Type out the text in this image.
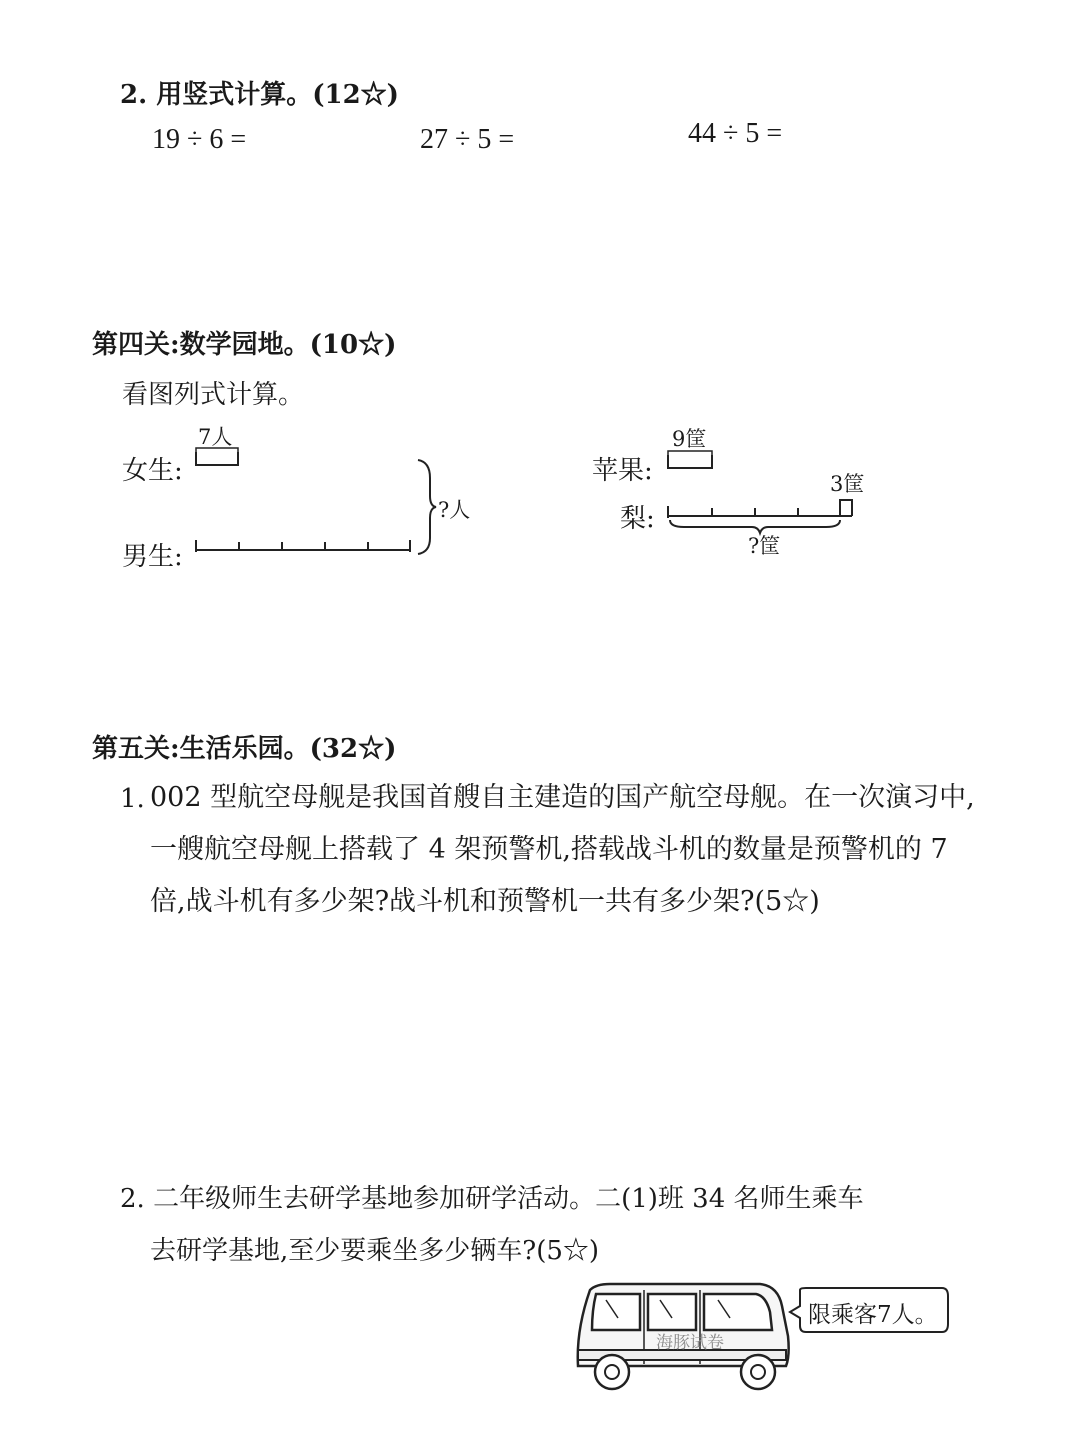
2. 用竖式计算。(12☆)
19 ÷ 6 =	27 ÷ 5 =	44 ÷ 5 =
第四关:数学园地。(10☆)
看图列式计算。
女生:
7人
男生:
?人
苹果:
9筐
梨:
3筐
?筐
第五关:生活乐园。(32☆)
1. 002 型航空母舰是我国首艘自主建造的国产航空母舰。在一次演习中,一艘航空母舰上搭载了 4 架预警机,搭载战斗机的数量是预警机的 7 倍,战斗机有多少架?战斗机和预警机一共有多少架?(5☆)
2. 二年级师生去研学基地参加研学活动。二(1)班 34 名师生乘车
去研学基地,至少要乘坐多少辆车?(5☆)
限乘客7人。
海豚试卷
